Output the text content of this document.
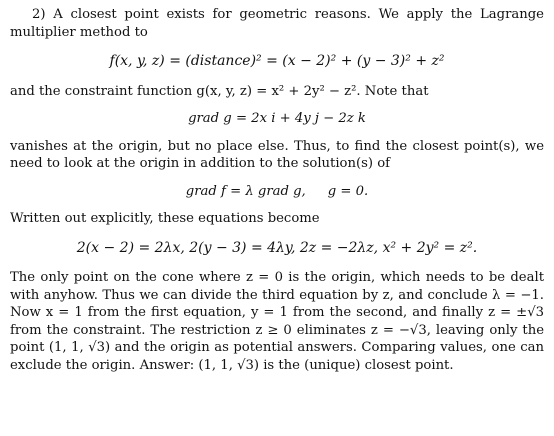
2) A closest point exists for geometric reasons. We apply the Lagrange multiplier method to

f(x, y, z) = (distance)² = (x − 2)² + (y − 3)² + z²

and the constraint function g(x, y, z) = x² + 2y² − z². Note that

grad g = 2x i + 4y j − 2z k

vanishes at the origin, but no place else. Thus, to find the closest point(s), we need to look at the origin in addition to the solution(s) of

grad f = λ grad g, g = 0.

Written out explicitly, these equations become

2(x − 2) = 2λx, 2(y − 3) = 4λy, 2z = −2λz, x² + 2y² = z².

The only point on the cone where z = 0 is the origin, which needs to be dealt with anyhow. Thus we can divide the third equation by z, and conclude λ = −1. Now x = 1 from the first equation, y = 1 from the second, and finally z = ±√3 from the constraint. The restriction z ≥ 0 eliminates z = −√3, leaving only the point (1, 1, √3) and the origin as potential answers. Comparing values, one can exclude the origin. Answer: (1, 1, √3) is the (unique) closest point.
